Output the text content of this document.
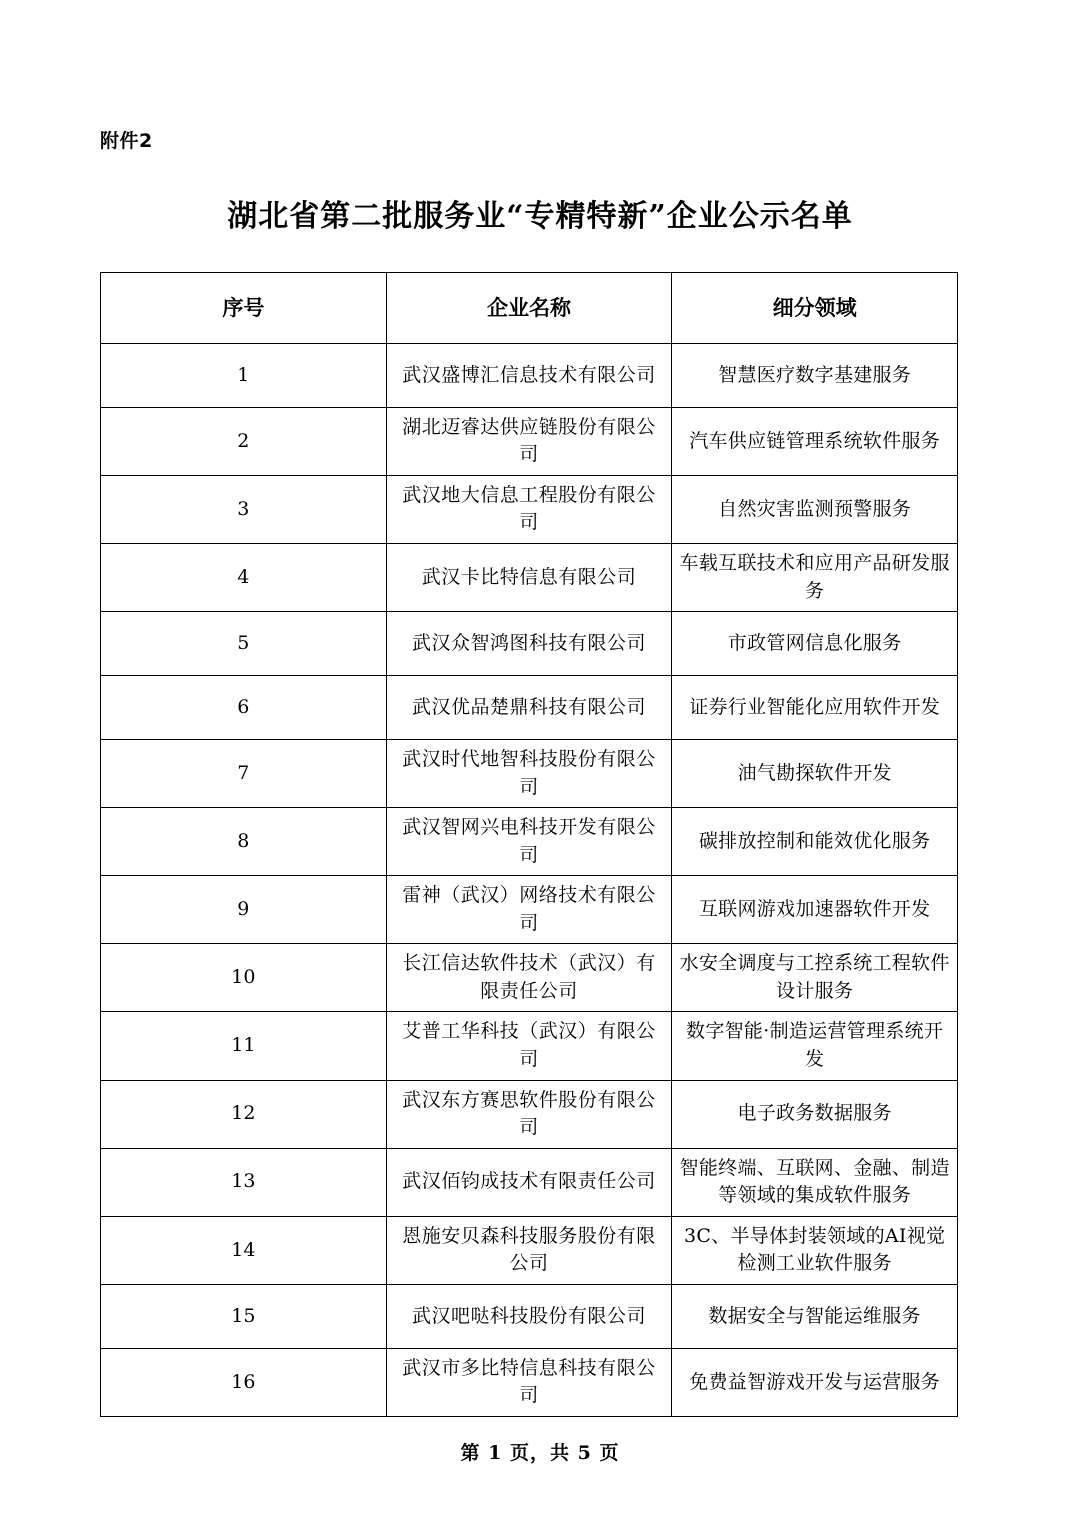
附件2
湖北省第二批服务业“专精特新”企业公示名单
序号	企业名称	细分领域
1	武汉盛博汇信息技术有限公司	智慧医疗数字基建服务
2	湖北迈睿达供应链股份有限公司	汽车供应链管理系统软件服务
3	武汉地大信息工程股份有限公司	自然灾害监测预警服务
4	武汉卡比特信息有限公司	车载互联技术和应用产品研发服务
5	武汉众智鸿图科技有限公司	市政管网信息化服务
6	武汉优品楚鼎科技有限公司	证券行业智能化应用软件开发
7	武汉时代地智科技股份有限公司	油气勘探软件开发
8	武汉智网兴电科技开发有限公司	碳排放控制和能效优化服务
9	雷神（武汉）网络技术有限公司	互联网游戏加速器软件开发
10	长江信达软件技术（武汉）有限责任公司	水安全调度与工控系统工程软件设计服务
11	艾普工华科技（武汉）有限公司	数字智能·制造运营管理系统开发
12	武汉东方赛思软件股份有限公司	电子政务数据服务
13	武汉佰钧成技术有限责任公司	智能终端、互联网、金融、制造等领域的集成软件服务
14	恩施安贝森科技服务股份有限公司	3C、半导体封装领域的AI视觉检测工业软件服务
15	武汉吧哒科技股份有限公司	数据安全与智能运维服务
16	武汉市多比特信息科技有限公司	免费益智游戏开发与运营服务
第 1 页，共 5 页
